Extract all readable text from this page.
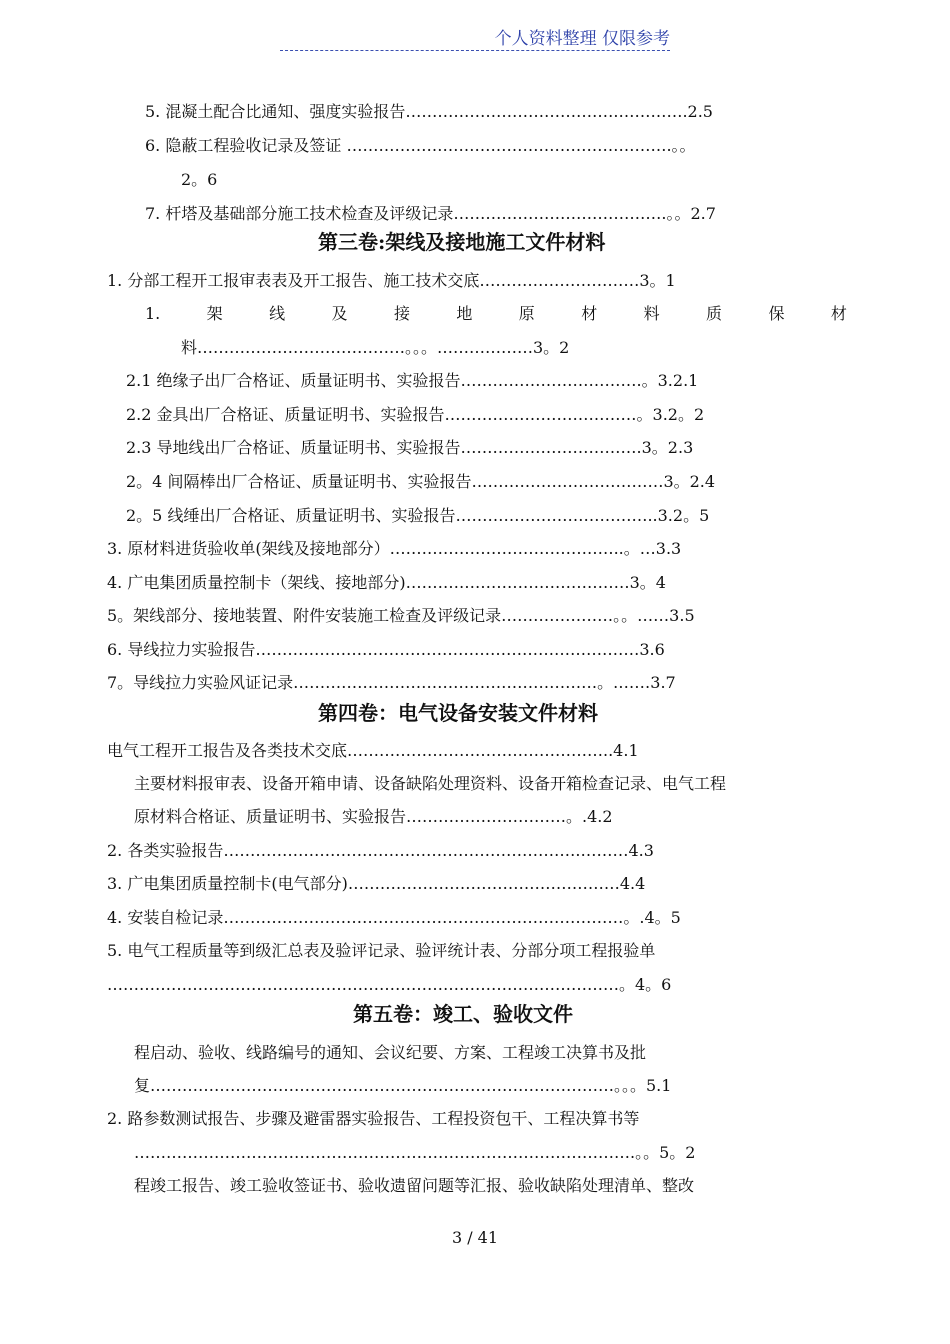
个人资料整理 仅限参考
5. 混凝土配合比通知、强度实验报告………………………………….………….2.5
6. 隐蔽工程验收记录及签证 …………………………………………………….。。
2。6
7. 杆塔及基础部分施工技术检查及评级记录………………………………….。。2.7
第三卷:架线及接地施工文件材料
1. 分部工程开工报审表表及开工报告、施工技术交底…………………………3。1
1.	架	线	及	接	地	原	材	料	质	保	材
料…………………………………。。。………………3。2
2.1 绝缘子出厂合格证、质量证明书、实验报告…………………………….。3.2.1
2.2 金具出厂合格证、质量证明书、实验报告………………………………。3.2。2
2.3 导地线出厂合格证、质量证明书、实验报告…………………………….3。2.3
2。4 间隔棒出厂合格证、质量证明书、实验报告………………………………3。2.4
2。5 线缍出厂合格证、质量证明书、实验报告………………………………..3.2。5
3. 原材料进货验收单(架线及接地部分）……………………………………..。…3.3
4. 广电集团质量控制卡（架线、接地部分)……………………………………3。4
5。架线部分、接地装置、附件安装施工检查及评级记录…………………。。……3.5
6. 导线拉力实验报告………………………………………………………………3.6
7。导线拉力实验风证记录…………………………………………………。.……3.7
第四卷：电气设备安装文件材料
电气工程开工报告及各类技术交底…………………………………………..4.1
主要材料报审表、设备开箱申请、设备缺陷处理资料、设备开箱检查记录、电气工程
原材料合格证、质量证明书、实验报告…………………………。.4.2
2. 各类实验报告………………………………………………………….………4.3
3. 广电集团质量控制卡(电气部分)……………………………………………4.4
4. 安装自检记录…………………………………………………………………。.4。5
5. 电气工程质量等到级汇总表及验评记录、验评统计表、分部分项工程报验单
……………………………………………………………………………………。4。6
第五卷：竣工、验收文件
程启动、验收、线路编号的通知、会议纪要、方案、工程竣工决算书及批
复……………………………………………………………………………。。。5.1
2. 路参数测试报告、步骤及避雷器实验报告、工程投资包干、工程决算书等
………………………………………………………………………………….。。5。2
程竣工报告、竣工验收签证书、验收遗留问题等汇报、验收缺陷处理清单、整改
3 / 41
